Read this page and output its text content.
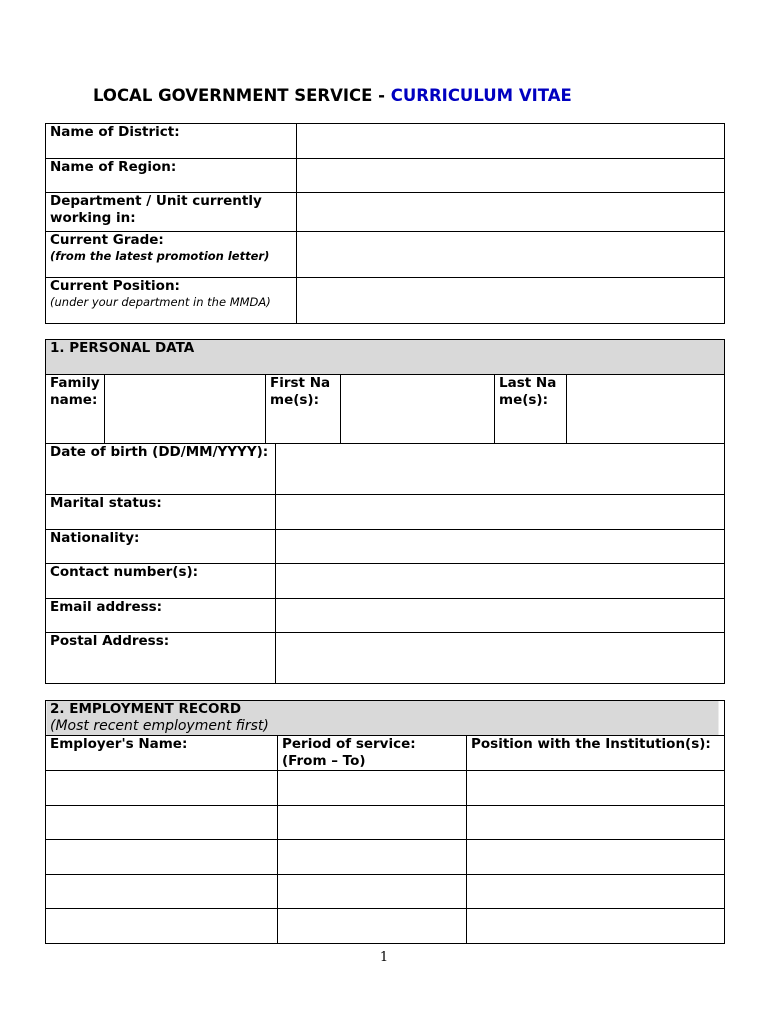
LOCAL GOVERNMENT SERVICE - CURRICULUM VITAE
Name of District:	
Name of Region:	
Department / Unit currently working in:	
Current Grade:
(from the latest promotion letter)	

Current Position:
(under your department in the MMDA)	

1. PERSONAL DATA						
Family name:		First Name(s):			Last Name(s):	
Date of birth (DD/MM/YYYY):						
Marital status:						
Nationality:						
Contact number(s):						
Email address:						
Postal Address:						
2. EMPLOYMENT RECORD
(Most recent employment first)		

Employer's Name:	Period of service: (From – To)	Position with the Institution(s):

1
